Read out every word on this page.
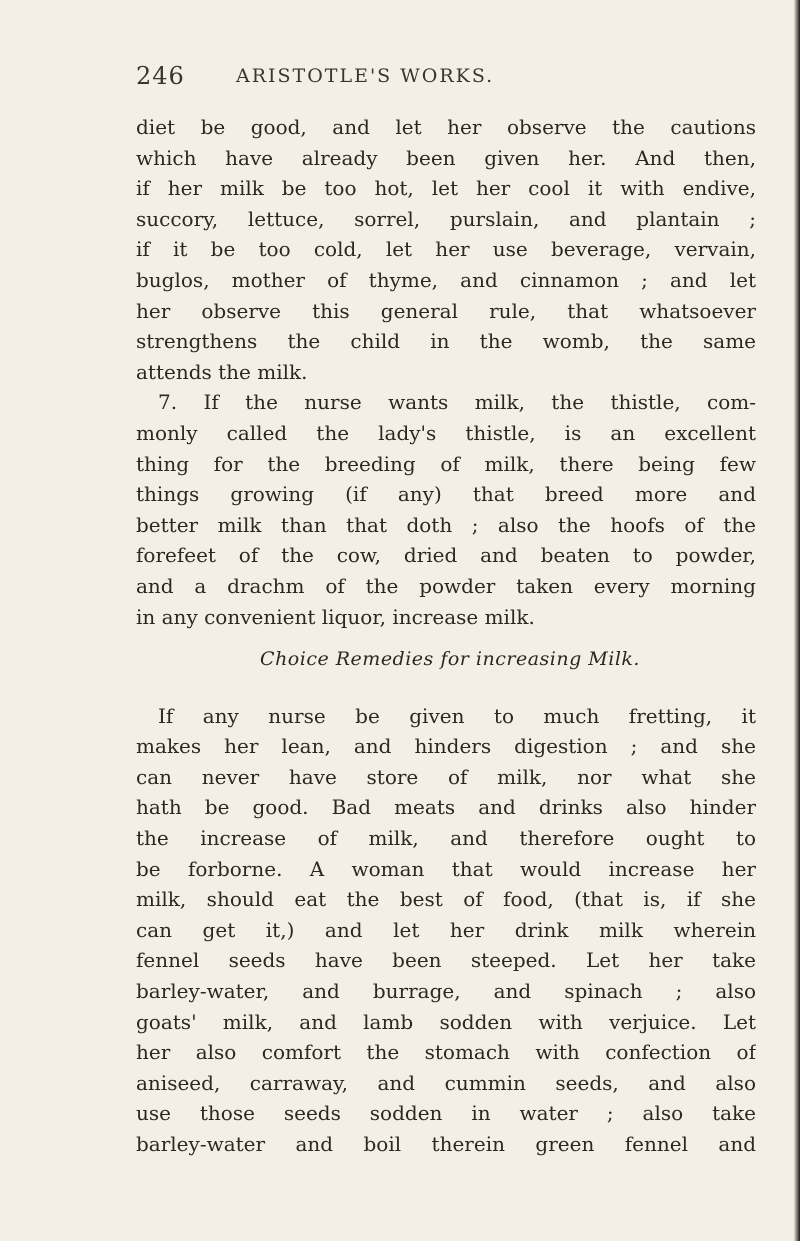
246	ARISTOTLE'S WORKS.
diet be good, and let her observe the cautions
which have already been given her. And then,
if her milk be too hot, let her cool it with endive,
succory, lettuce, sorrel, purslain, and plantain ;
if it be too cold, let her use beverage, vervain,
buglos, mother of thyme, and cinnamon ; and let
her observe this general rule, that whatsoever
strengthens the child in the womb, the same
attends the milk.
7. If the nurse wants milk, the thistle, com-
monly called the lady's thistle, is an excellent
thing for the breeding of milk, there being few
things growing (if any) that breed more and
better milk than that doth ; also the hoofs of the
forefeet of the cow, dried and beaten to powder,
and a drachm of the powder taken every morning
in any convenient liquor, increase milk.
Choice Remedies for increasing Milk.
If any nurse be given to much fretting, it
makes her lean, and hinders digestion ; and she
can never have store of milk, nor what she
hath be good. Bad meats and drinks also hinder
the increase of milk, and therefore ought to
be forborne. A woman that would increase her
milk, should eat the best of food, (that is, if she
can get it,) and let her drink milk wherein
fennel seeds have been steeped. Let her take
barley-water, and burrage, and spinach ; also
goats' milk, and lamb sodden with verjuice. Let
her also comfort the stomach with confection of
aniseed, carraway, and cummin seeds, and also
use those seeds sodden in water ; also take
barley-water and boil therein green fennel and
